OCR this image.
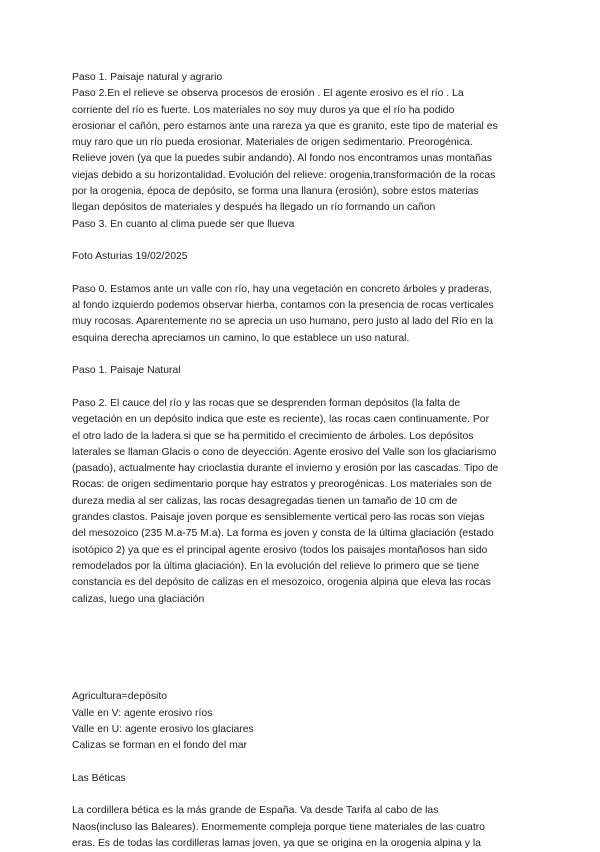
Paso 1. Paisaje natural y agrario
Paso 2.En el relieve se observa procesos de erosión . El agente erosivo es el río . La
corriente del río es fuerte. Los materiales no soy muy duros ya que el río ha podido
erosionar el cañón, pero estamos ante una rareza ya que es granito, este tipo de material es
muy raro que un río pueda erosionar. Materiales de origen sedimentario. Preorogénica.
Relieve joven (ya que la puedes subir andando). Al fondo nos encontramos unas montañas
viejas debido a su horizontalidad. Evolución del relieve: orogenia,transformación de la rocas
por la orogenia, época de depósito, se forma una llanura (erosión), sobre estos materias
llegan depósitos de materiales y después ha llegado un río formando un cañon
Paso 3. En cuanto al clima puede ser que llueva
Foto Asturias 19/02/2025
Paso 0. Estamos ante un valle con río, hay una vegetación en concreto árboles y praderas,
al fondo izquierdo podemos observar hierba, contamos con la presencia de rocas verticales
muy rocosas. Aparentemente no se aprecia un uso humano, pero justo al lado del Río en la
esquina derecha apreciamos un camino, lo que establece un uso natural.
Paso 1. Paisaje Natural
Paso 2. El cauce del río y las rocas que se desprenden forman depósitos (la falta de
vegetación en un depósito indica que este es reciente), las rocas caen continuamente. Por
el otro lado de la ladera si que se ha permitido el crecimiento de árboles. Los depósitos
laterales se llaman Glacis o cono de deyección. Agente erosivo del Valle son los glaciarismo
(pasado), actualmente hay crioclastia durante el invierno y erosión por las cascadas. Tipo de
Rocas: de origen sedimentario porque hay estratos y preorogénicas. Los materiales son de
dureza media al ser calizas, las rocas desagregadas tienen un tamaño de 10 cm de
grandes clastos. Paisaje joven porque es sensiblemente vertical pero las rocas son viejas
del mesozoico (235 M.a-75 M.a). La forma es joven y consta de la última glaciación (estado
isotópico 2) ya que es el principal agente erosivo (todos los paisajes montañosos han sido
remodelados por la última glaciación). En la evolución del relieve lo primero que se tiene
constancia es del depósito de calizas en el mesozoico, orogenia alpina que eleva las rocas
calizas, luego una glaciación
Agricultura=depósito
Valle en V: agente erosivo ríos
Valle en U: agente erosivo los glaciares
Calizas se forman en el fondo del mar
Las Béticas
La cordillera bética es la más grande de España. Va desde Tarifa al cabo de las
Naos(incluso las Baleares). Enormemente compleja porque tiene materiales de las cuatro
eras. Es de todas las cordilleras lamas joven, ya que se origina en la orogenia alpina y la
